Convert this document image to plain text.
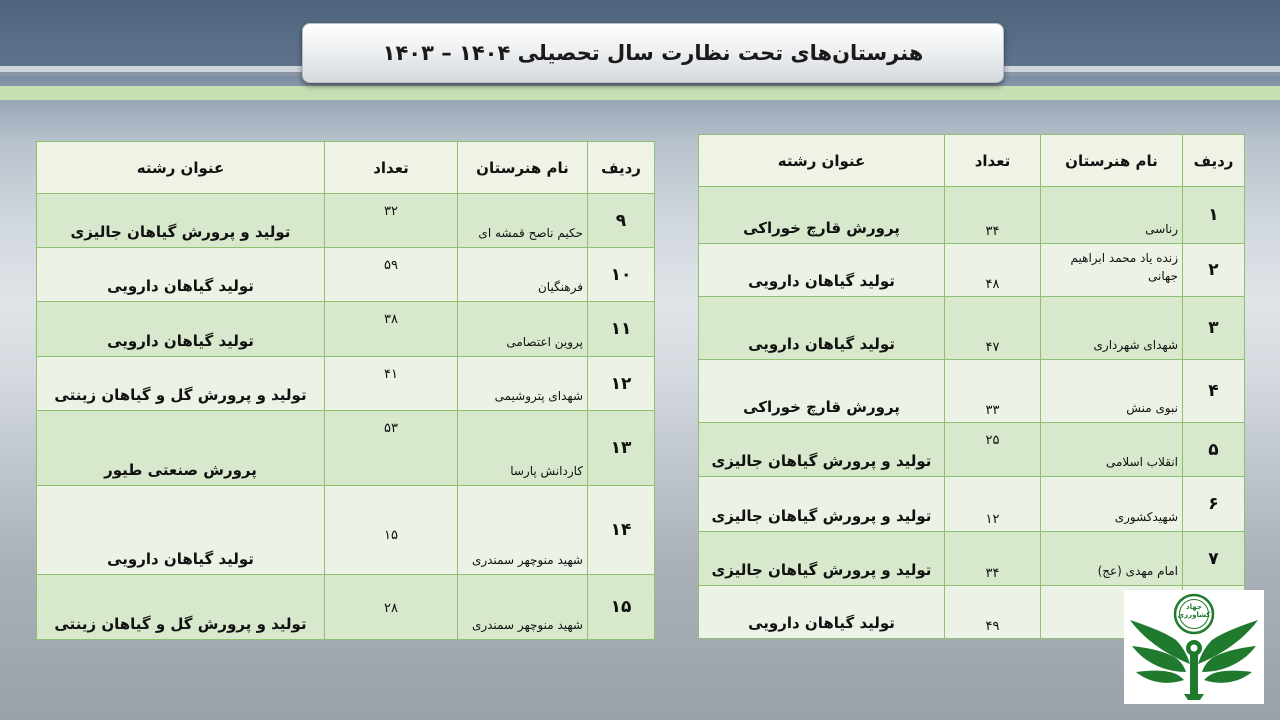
هنرستان‌های تحت نظارت سال تحصیلی ۱۴۰۴ – ۱۴۰۳
ردیف	نام هنرستان	تعداد	عنوان رشته
۱	رناسی	۳۴	پرورش قارچ خوراکی
۲	زنده یاد محمد ابراهیم جهانی	۴۸	تولید گیاهان دارویی
۳	شهدای شهرداری	۴۷	تولید گیاهان دارویی
۴	نبوی منش	۳۳	پرورش قارچ خوراکی
۵	انقلاب اسلامی	۲۵	تولید و پرورش گیاهان جالیزی
۶	شهیدکشوری	۱۲	تولید و پرورش گیاهان جالیزی
۷	امام مهدی (عج)	۳۴	تولید و پرورش گیاهان جالیزی
		۴۹	تولید گیاهان دارویی
ردیف	نام هنرستان	تعداد	عنوان رشته
۹	حکیم ناصح قمشه ای	۳۲	تولید و پرورش گیاهان جالیزی
۱۰	فرهنگیان	۵۹	تولید گیاهان دارویی
۱۱	پروین اعتصامی	۳۸	تولید گیاهان دارویی
۱۲	شهدای پتروشیمی	۴۱	تولید و پرورش گل و گیاهان زینتی
۱۳	کاردانش پارسا	۵۳	پرورش صنعتی طیور
۱۴	شهید منوچهر سمندری	۱۵	تولید گیاهان دارویی
۱۵	شهید منوچهر سمندری	۲۸	تولید و پرورش گل و گیاهان زینتی
جهاد کشاورزی
